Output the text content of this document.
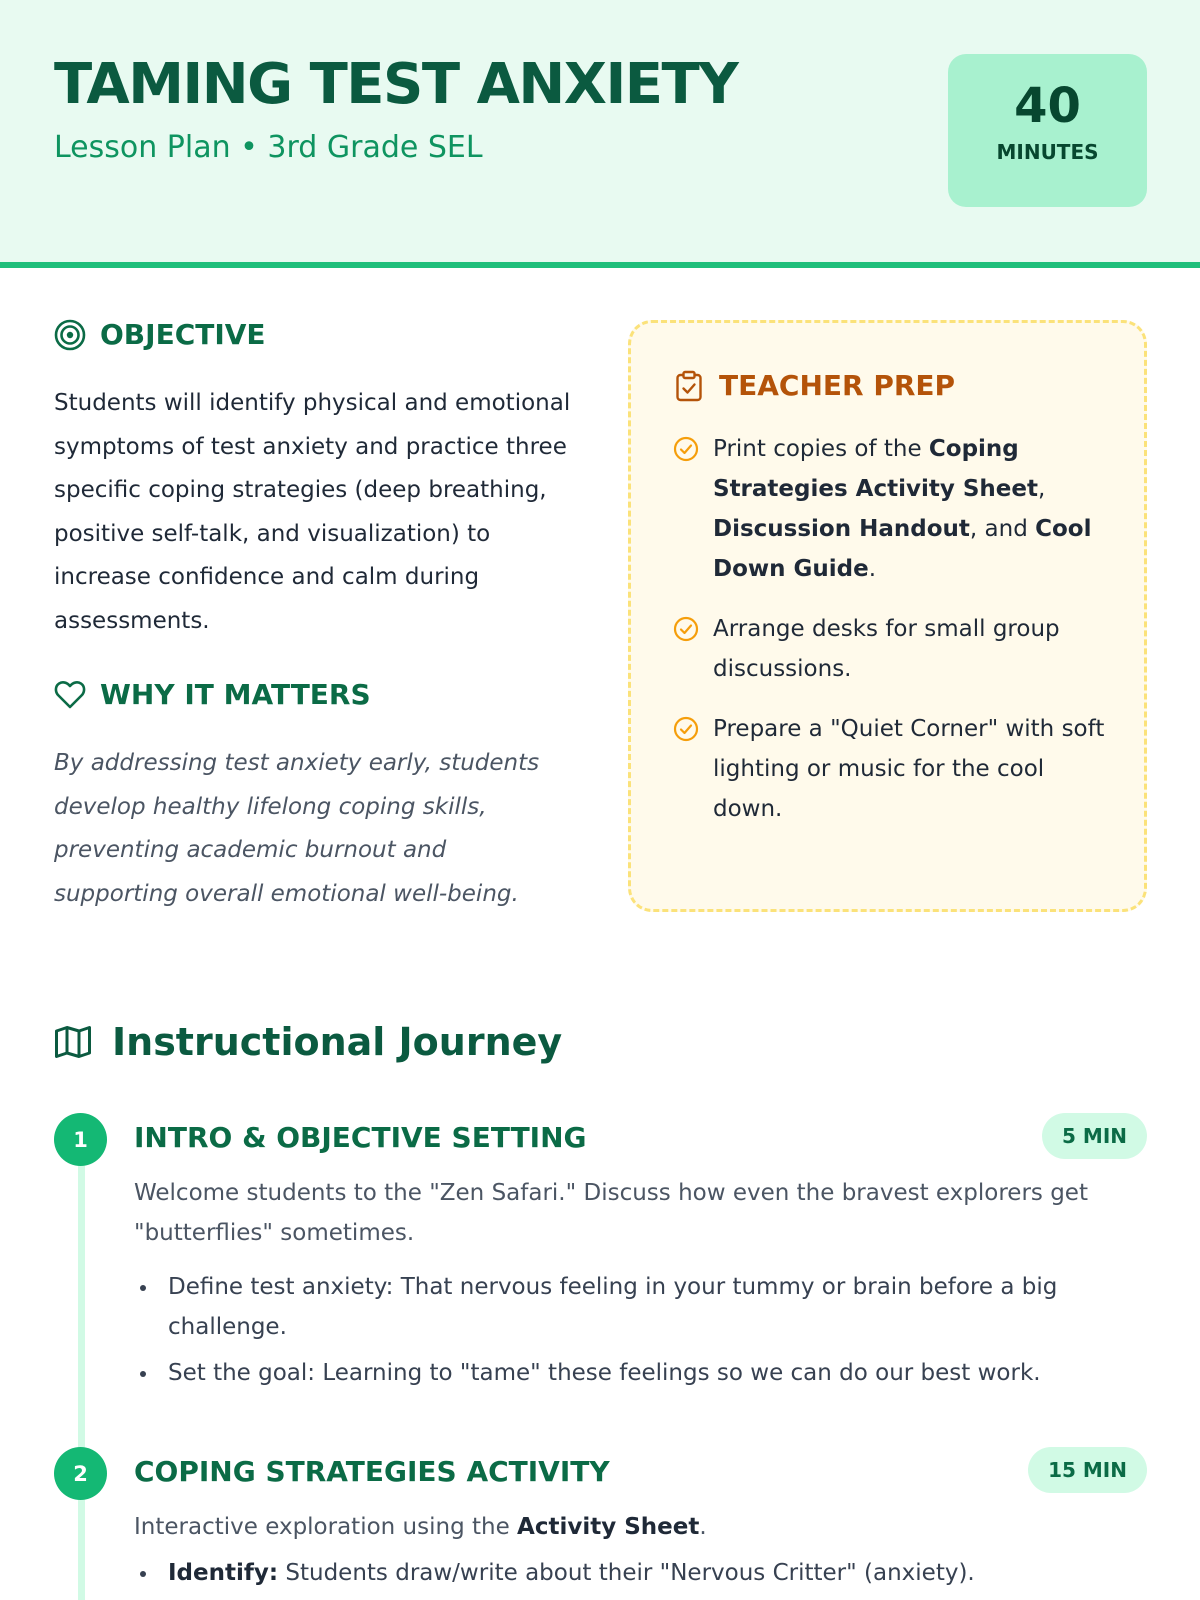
TAMING TEST ANXIETY
Lesson Plan • 3rd Grade SEL
40
MINUTES
OBJECTIVE

Students will identify physical and emotional symptoms of test anxiety and practice three specific coping strategies (deep breathing, positive self-talk, and visualization) to increase confidence and calm during assessments.

WHY IT MATTERS

By addressing test anxiety early, students develop healthy lifelong coping skills, preventing academic burnout and supporting overall emotional well-being.

TEACHER PREP
Print copies of the Coping Strategies Activity Sheet, Discussion Handout, and Cool Down Guide.
Arrange desks for small group discussions.
Prepare a "Quiet Corner" with soft lighting or music for the cool down.
Instructional Journey
1	INTRO & OBJECTIVE SETTING	5 MIN

Welcome students to the "Zen Safari." Discuss how even the bravest explorers get "butterflies" sometimes.

Define test anxiety: That nervous feeling in your tummy or brain before a big challenge.
Set the goal: Learning to "tame" these feelings so we can do our best work.
2	COPING STRATEGIES ACTIVITY	15 MIN

Interactive exploration using the Activity Sheet.

Identify: Students draw/write about their "Nervous Critter" (anxiety).
